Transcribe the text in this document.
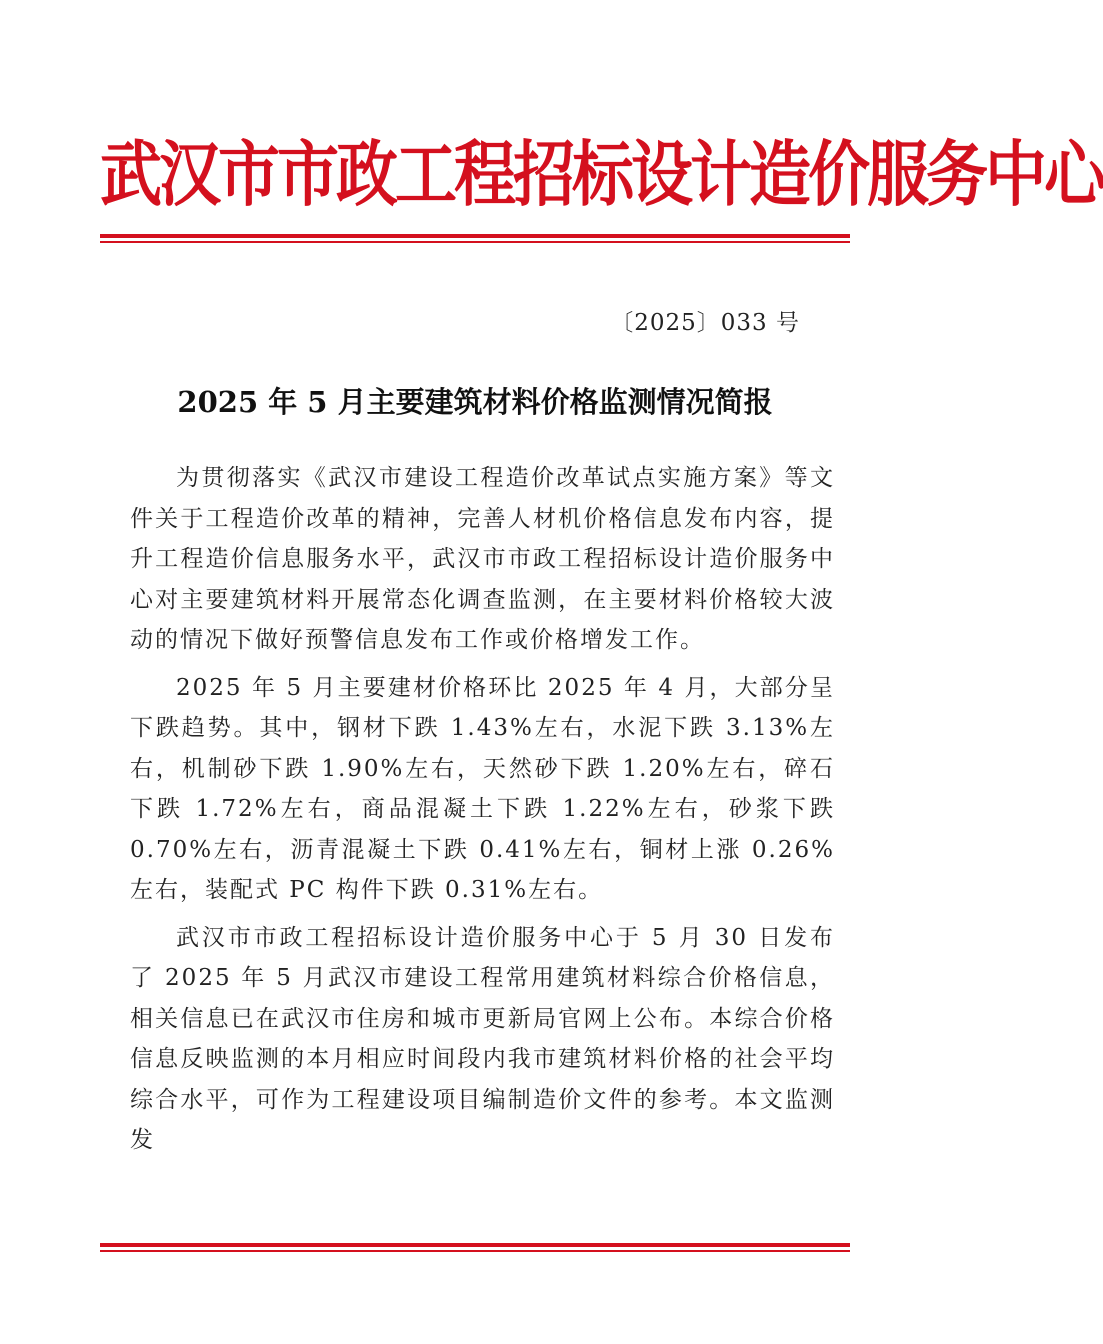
武汉市市政工程招标设计造价服务中心
〔2025〕033 号
2025 年 5 月主要建筑材料价格监测情况简报

为贯彻落实《武汉市建设工程造价改革试点实施方案》等文件关于工程造价改革的精神，完善人材机价格信息发布内容，提升工程造价信息服务水平，武汉市市政工程招标设计造价服务中心对主要建筑材料开展常态化调查监测，在主要材料价格较大波动的情况下做好预警信息发布工作或价格增发工作。

2025 年 5 月主要建材价格环比 2025 年 4 月，大部分呈下跌趋势。其中，钢材下跌 1.43%左右，水泥下跌 3.13%左右，机制砂下跌 1.90%左右，天然砂下跌 1.20%左右，碎石下跌 1.72%左右，商品混凝土下跌 1.22%左右，砂浆下跌 0.70%左右，沥青混凝土下跌 0.41%左右，铜材上涨 0.26%左右，装配式 PC 构件下跌 0.31%左右。

武汉市市政工程招标设计造价服务中心于 5 月 30 日发布了 2025 年 5 月武汉市建设工程常用建筑材料综合价格信息，相关信息已在武汉市住房和城市更新局官网上公布。本综合价格信息反映监测的本月相应时间段内我市建筑材料价格的社会平均综合水平，可作为工程建设项目编制造价文件的参考。本文监测发
